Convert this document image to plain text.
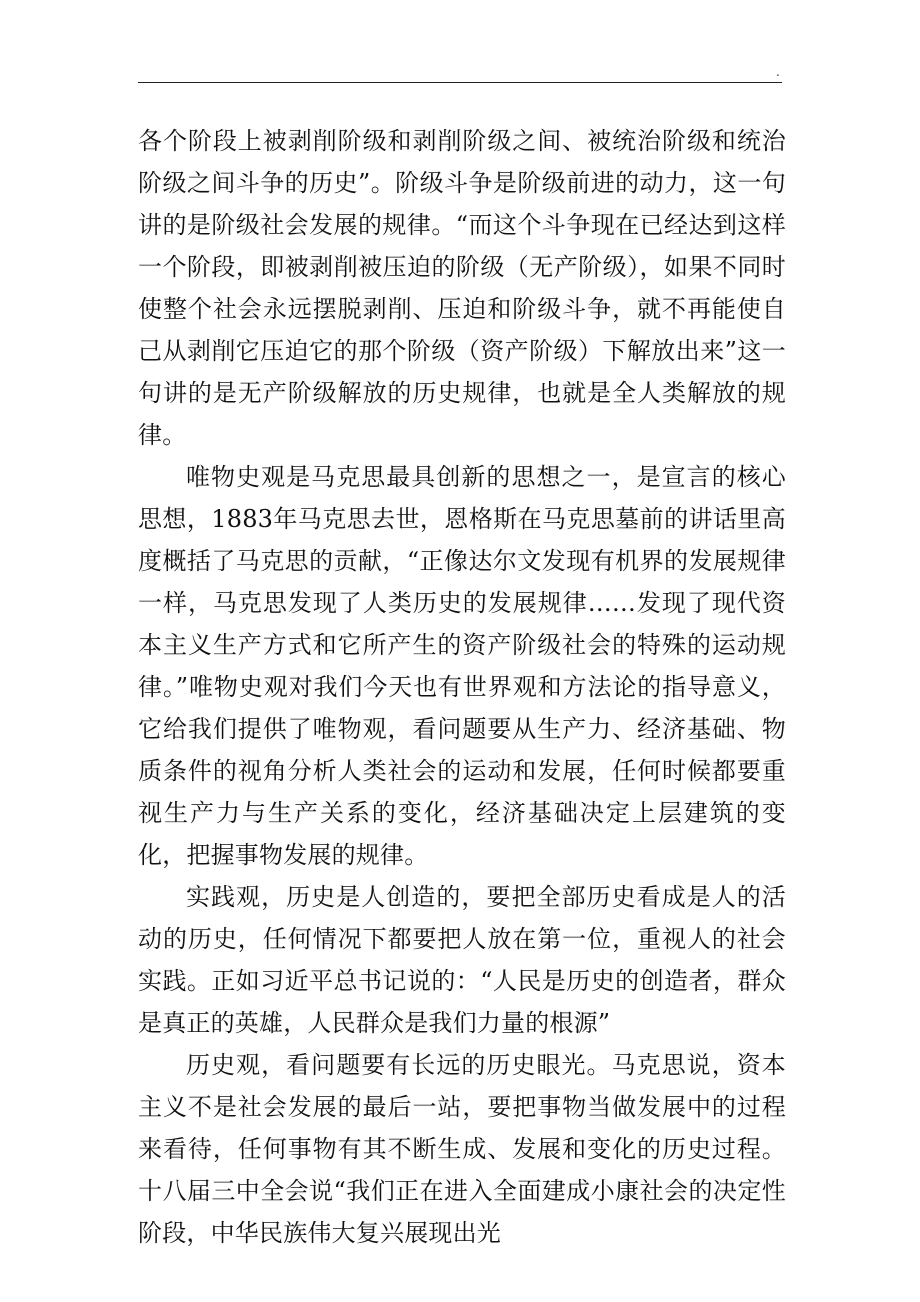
.

各个阶段上被剥削阶级和剥削阶级之间、被统治阶级和统治阶级之间斗争的历史”。阶级斗争是阶级前进的动力，这一句讲的是阶级社会发展的规律。“而这个斗争现在已经达到这样一个阶段，即被剥削被压迫的阶级（无产阶级），如果不同时使整个社会永远摆脱剥削、压迫和阶级斗争，就不再能使自己从剥削它压迫它的那个阶级（资产阶级）下解放出来”这一句讲的是无产阶级解放的历史规律，也就是全人类解放的规律。

唯物史观是马克思最具创新的思想之一，是宣言的核心思想，1883年马克思去世，恩格斯在马克思墓前的讲话里高度概括了马克思的贡献，“正像达尔文发现有机界的发展规律一样，马克思发现了人类历史的发展规律……发现了现代资本主义生产方式和它所产生的资产阶级社会的特殊的运动规律。”唯物史观对我们今天也有世界观和方法论的指导意义，它给我们提供了唯物观，看问题要从生产力、经济基础、物质条件的视角分析人类社会的运动和发展，任何时候都要重视生产力与生产关系的变化，经济基础决定上层建筑的变化，把握事物发展的规律。

实践观，历史是人创造的，要把全部历史看成是人的活动的历史，任何情况下都要把人放在第一位，重视人的社会实践。正如习近平总书记说的：“人民是历史的创造者，群众是真正的英雄，人民群众是我们力量的根源”

历史观，看问题要有长远的历史眼光。马克思说，资本主义不是社会发展的最后一站，要把事物当做发展中的过程来看待，任何事物有其不断生成、发展和变化的历史过程。十八届三中全会说“我们正在进入全面建成小康社会的决定性阶段，中华民族伟大复兴展现出光
